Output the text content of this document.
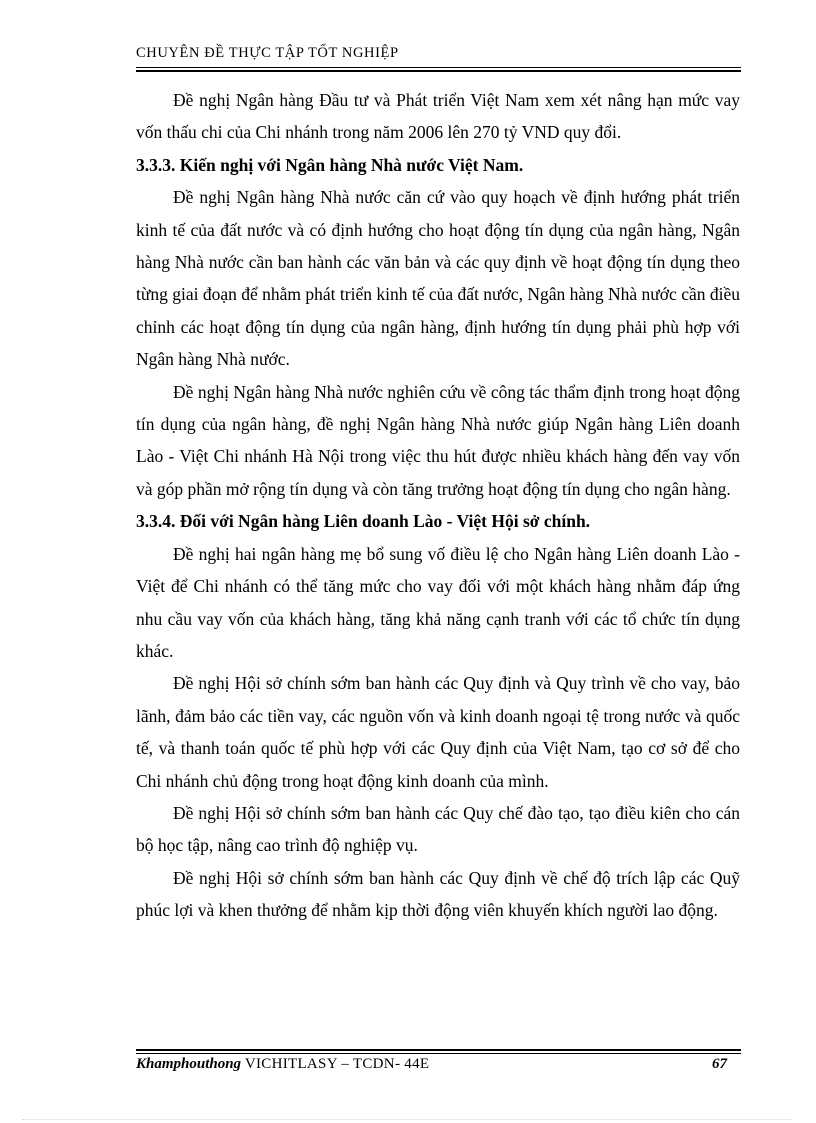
CHUYÊN ĐỀ THỰC TẬP TỐT NGHIỆP

Đề nghị Ngân hàng Đầu tư và Phát triển Việt Nam xem xét nâng hạn mức vay vốn thấu chi của Chi nhánh trong năm 2006 lên 270 tỷ VND quy đổi.

3.3.3. Kiến nghị với Ngân hàng Nhà nước Việt Nam.

Đề nghị Ngân hàng Nhà nước căn cứ vào quy hoạch về định hướng phát triển kinh tế của đất nước và có định hướng cho hoạt động tín dụng của ngân hàng, Ngân hàng Nhà nước cần ban hành các văn bản và các quy định về hoạt động tín dụng theo từng giai đoạn để nhằm phát triển kinh tế của đất nước, Ngân hàng Nhà nước cần điều chỉnh các hoạt động tín dụng của ngân hàng, định hướng tín dụng phải phù hợp với Ngân hàng Nhà nước.

Đề nghị Ngân hàng Nhà nước nghiên cứu về công tác thẩm định trong hoạt động tín dụng của ngân hàng, đề nghị Ngân hàng Nhà nước giúp Ngân hàng Liên doanh Lào - Việt Chi nhánh Hà Nội trong việc thu hút được nhiều khách hàng đến vay vốn và góp phần mở rộng tín dụng và còn tăng trưởng hoạt động tín dụng cho ngân hàng.

3.3.4. Đối với Ngân hàng Liên doanh Lào - Việt Hội sở chính.

Đề nghị hai ngân hàng mẹ bổ sung vố điều lệ cho Ngân hàng Liên doanh Lào - Việt để Chi nhánh có thể tăng mức cho vay đối với một khách hàng nhằm đáp ứng nhu cầu vay vốn của khách hàng, tăng khả năng cạnh tranh với các tổ chức tín dụng khác.

Đề nghị Hội sở chính sớm ban hành các Quy định và Quy trình về cho vay, bảo lãnh, đảm bảo các tiền vay, các nguồn vốn và kinh doanh ngoại tệ trong nước và quốc tế, và thanh toán quốc tế phù hợp với các Quy định của Việt Nam, tạo cơ sở để cho Chi nhánh chủ động trong hoạt động kinh doanh của mình.

Đề nghị Hội sở chính sớm ban hành các Quy chế đào tạo, tạo điều kiên cho cán bộ học tập, nâng cao trình độ nghiệp vụ.

Đề nghị Hội sở chính sớm ban hành các Quy định về chế độ trích lập các Quỹ phúc lợi và khen thưởng để nhằm kịp thời động viên khuyến khích người lao động.

Khamphouthong VICHITLASY – TCDN- 44E	67
